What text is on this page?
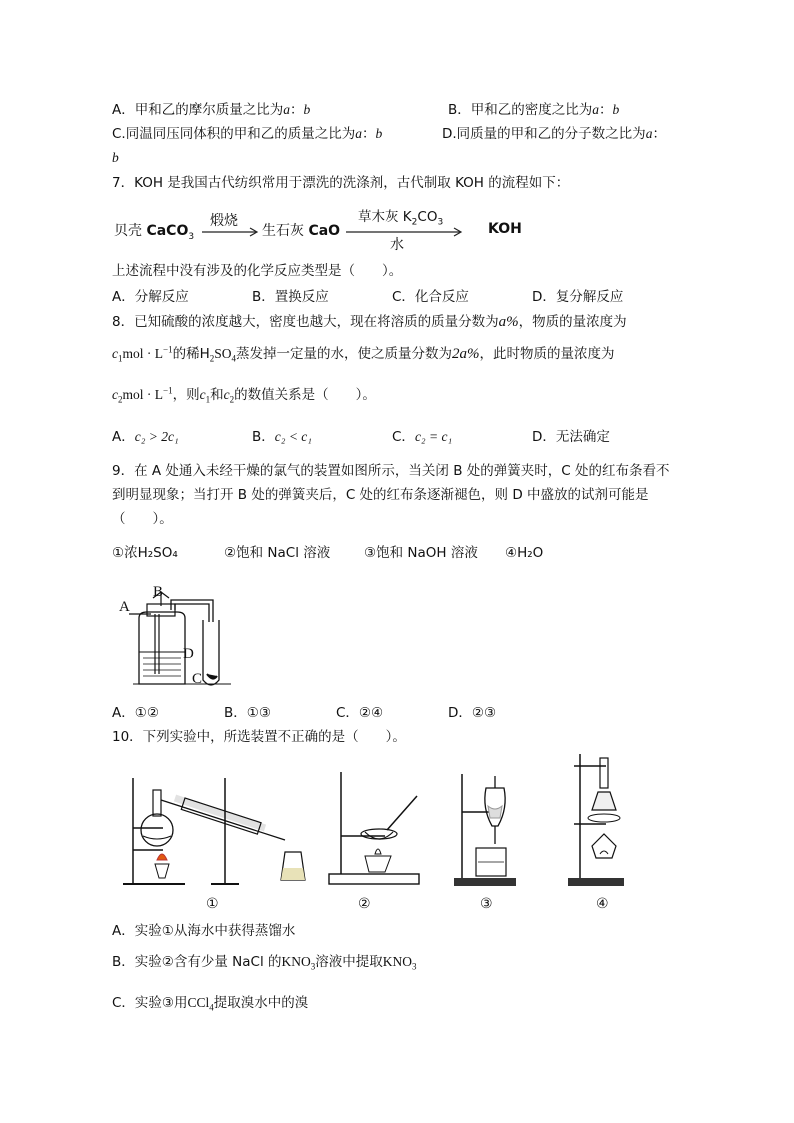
A．甲和乙的摩尔质量之比为a：b	B．甲和乙的密度之比为a：b
C.同温同压同体积的甲和乙的质量之比为a：b	D.同质量的甲和乙的分子数之比为a：
b
7．KOH 是我国古代纺织常用于漂洗的洗涤剂，古代制取 KOH 的流程如下：
贝壳 CaCO$_3$
煅烧
生石灰 CaO
草木灰 $K_2CO_3$
水
KOH
上述流程中没有涉及的化学反应类型是（　　）。
A．分解反应	B．置换反应	C．化合反应	D．复分解反应
8．已知硫酸的浓度越大，密度也越大，现在将溶质的质量分数为a%，物质的量浓度为
$c_1mol \cdot L^{-1}$的稀$H_2SO_4$蒸发掉一定量的水，使之质量分数为2a%，此时物质的量浓度为
$c_2mol \cdot L^{-1}$，则$c_1$和$c_2$的数值关系是（　　）。
A．c₂ > 2c₁	B．c₂ < c₁	C．c₂ = c₁	D．无法确定
9．在 A 处通入未经干燥的氯气的装置如图所示，当关闭 B 处的弹簧夹时，C 处的红布条看不
到明显现象；当打开 B 处的弹簧夹后，C 处的红布条逐渐褪色，则 D 中盛放的试剂可能是
（　　）。
①浓H₂SO₄	②饱和 NaCl 溶液	③饱和 NaOH 溶液 ④H₂O
A
B
D
C
A．①②	B．①③	C．②④	D．②③
10．下列实验中，所选装置不正确的是（　　）。
A．实验①从海水中获得蒸馏水
B．实验②含有少量 NaCl 的$KNO_3$溶液中提取$KNO_3$
C．实验③用CCl$_4$提取溴水中的溴
①	②	③	④
